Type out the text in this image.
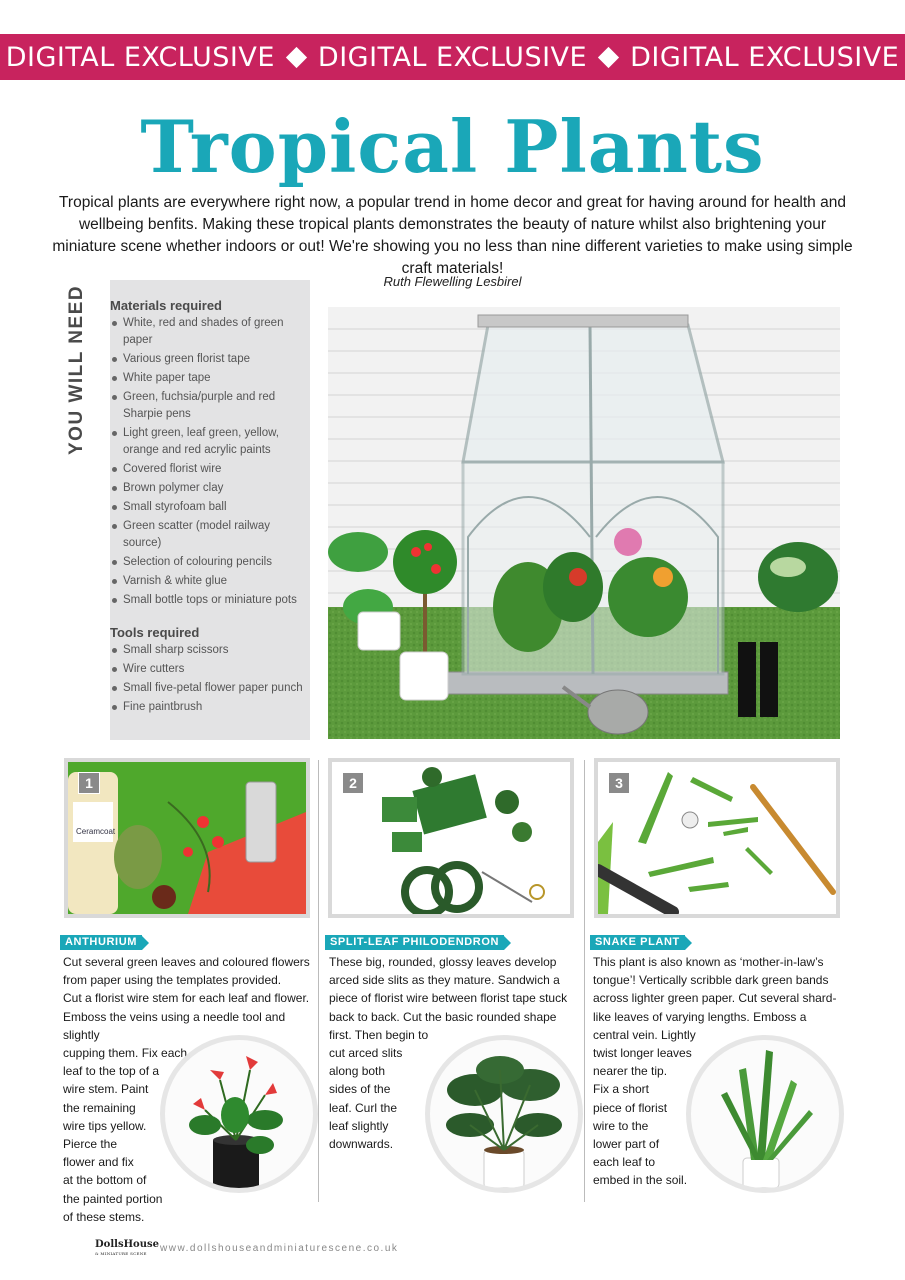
DIGITAL EXCLUSIVE DIGITAL EXCLUSIVE DIGITAL EXCLUSIVE
Tropical Plants
Tropical plants are everywhere right now, a popular trend in home decor and great for having around for health and wellbeing benfits. Making these tropical plants demonstrates the beauty of nature whilst also brightening your miniature scene whether indoors or out! We're showing you no less than nine different varieties to make using simple craft materials!
Ruth Flewelling Lesbirel
Materials required
White, red and shades of green paper
Various green florist tape
White paper tape
Green, fuchsia/purple and red Sharpie pens
Light green, leaf green, yellow, orange and red acrylic paints
Covered florist wire
Brown polymer clay
Small styrofoam ball
Green scatter (model railway source)
Selection of colouring pencils
Varnish & white glue
Small bottle tops or miniature pots
Tools required
Small sharp scissors
Wire cutters
Small five-petal flower paper punch
Fine paintbrush
YOU WILL NEED
1
Ceramcoat
2	3
ANTHURIUM	SPLIT-LEAF PHILODENDRON	SNAKE PLANT

Cut several green leaves and coloured flowers

from paper using the templates provided.

Cut a florist wire stem for each leaf and flower.

Emboss the veins using a needle tool and slightly

cupping them. Fix each

leaf to the top of a

wire stem. Paint

the remaining

wire tips yellow.

Pierce the

flower and fix

at the bottom of

the painted portion

of these stems.

These big, rounded, glossy leaves develop

arced side slits as they mature. Sandwich a

piece of florist wire between florist tape stuck

back to back. Cut the basic rounded shape

first. Then begin to

cut arced slits

along both

sides of the

leaf. Curl the

leaf slightly

downwards.

This plant is also known as ‘mother-in-law’s

tongue’! Vertically scribble dark green bands

across lighter green paper. Cut several shard-

like leaves of varying lengths. Emboss a

central vein. Lightly

twist longer leaves

nearer the tip.

Fix a short

piece of florist

wire to the

lower part of

each leaf to

embed in the soil.

DollsHouse
& MINIATURE SCENE	www.dollshouseandminiaturescene.co.uk
